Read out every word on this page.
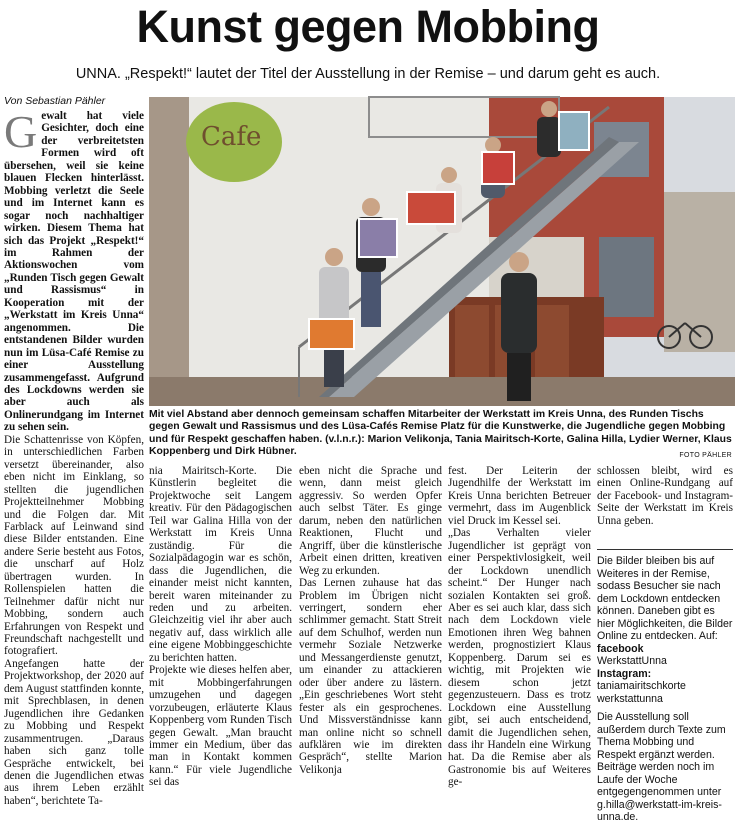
Kunst gegen Mobbing
UNNA. „Respekt!“ lautet der Titel der Ausstellung in der Remise – und darum geht es auch.
Von Sebastian Pähler

Gewalt hat viele Gesichter, doch eine der verbreitetsten Formen wird oft übersehen, weil sie keine blauen Flecken hinterlässt. Mobbing verletzt die Seele und im Internet kann es sogar noch nachhaltiger wirken. Diesem Thema hat sich das Projekt „Respekt!“ im Rahmen der Aktionswochen vom „Runden Tisch gegen Gewalt und Rassismus“ in Kooperation mit der „Werkstatt im Kreis Unna“ angenommen. Die entstandenen Bilder wurden nun im Lüsa-Café Remise zu einer Ausstellung zusammengefasst. Aufgrund des Lockdowns werden sie aber auch als Onlinerundgang im Internet zu sehen sein.

Die Schattenrisse von Köpfen, in unterschiedlichen Farben versetzt übereinander, also eben nicht im Einklang, so stellten die jugendlichen Projektteilnehmer Mobbing und die Folgen dar. Mit Farblack auf Leinwand sind diese Bilder entstanden. Eine andere Serie besteht aus Fotos, die unscharf auf Holz übertragen wurden. In Rollenspielen hatten die Teilnehmer dafür nicht nur Mobbing, sondern auch Erfahrungen von Respekt und Freundschaft nachgestellt und fotografiert.

Angefangen hatte der Projektworkshop, der 2020 auf dem August stattfinden konnte, mit Sprechblasen, in denen Jugendlichen ihre Gedanken zu Mobbing und Respekt zusammentrugen. „Daraus haben sich ganz tolle Gespräche entwickelt, bei denen die Jugendlichen etwas aus ihrem Leben erzählt haben“, berichtete Ta-

Cafe
Mit viel Abstand aber dennoch gemeinsam schaffen Mitarbeiter der Werkstatt im Kreis Unna, des Runden Tischs gegen Gewalt und Rassismus und des Lüsa-Cafés Remise Platz für die Kunstwerke, die Jugendliche gegen Mobbing und für Respekt geschaffen haben. (v.l.n.r.): Marion Velikonja, Tania Mairitsch-Korte, Galina Hilla, Lydier Werner, Klaus Koppenberg und Dirk Hübner.	FOTO PÄHLER

nia Mairitsch-Korte. Die Künstlerin begleitet die Projektwoche seit Langem kreativ. Für den Pädagogischen Teil war Galina Hilla von der Werkstatt im Kreis Unna zuständig. Für die Sozialpädagogin war es schön, dass die Jugendlichen, die einander meist nicht kannten, bereit waren miteinander zu reden und zu arbeiten. Gleichzeitig viel ihr aber auch negativ auf, dass wirklich alle eine eigene Mobbinggeschichte zu berichten hatten.

Projekte wie dieses helfen aber, mit Mobbingerfahrungen umzugehen und dagegen vorzubeugen, erläuterte Klaus Koppenberg vom Runden Tisch gegen Gewalt. „Man braucht immer ein Medium, über das man in Kontakt kommen kann.“ Für viele Jugendliche sei das

eben nicht die Sprache und wenn, dann meist gleich aggressiv. So werden Opfer auch selbst Täter. Es ginge darum, neben den natürlichen Reaktionen, Flucht und Angriff, über die künstlerische Arbeit einen dritten, kreativen Weg zu erkunden.

Das Lernen zuhause hat das Problem im Übrigen nicht verringert, sondern eher schlimmer gemacht. Statt Streit auf dem Schulhof, werden nun vermehr Soziale Netzwerke und Messangerdienste genutzt, um einander zu attackieren oder über andere zu lästern. „Ein geschriebenes Wort steht fester als ein gesprochenes. Und Missverständnisse kann man online nicht so schnell aufklären wie im direkten Gespräch“, stellte Marion Velikonja

fest. Der Leiterin der Jugendhilfe der Werkstatt im Kreis Unna berichten Betreuer vermehrt, dass im Augenblick viel Druck im Kessel sei.

„Das Verhalten vieler Jugendlicher ist geprägt von einer Perspektivlosigkeit, weil der Lockdown unendlich scheint.“ Der Hunger nach sozialen Kontakten sei groß. Aber es sei auch klar, dass sich nach dem Lockdown viele Emotionen ihren Weg bahnen werden, prognostiziert Klaus Koppenberg. Darum sei es wichtig, mit Projekten wie diesem schon jetzt gegenzusteuern. Dass es trotz Lockdown eine Ausstellung gibt, sei auch entscheidend, damit die Jugendlichen sehen, dass ihr Handeln eine Wirkung hat. Da die Remise aber als Gastronomie bis auf Weiteres ge-

schlossen bleibt, wird es einen Online-Rundgang auf der Facebook- und Instagram-Seite der Werkstatt im Kreis Unna geben.

Die Bilder bleiben bis auf Weiteres in der Remise, sodass Besucher sie nach dem Lockdown entdecken können. Daneben gibt es hier Möglichkeiten, die Bilder Online zu entdecken. Auf:

facebook

WerkstattUnna

Instagram:

taniamairitschkorte werkstattunna

Die Ausstellung soll außerdem durch Texte zum Thema Mobbing und Respekt ergänzt werden. Beiträge werden noch im Laufe der Woche entgegengenommen unter g.hilla@werkstatt-im-kreis-unna.de.
